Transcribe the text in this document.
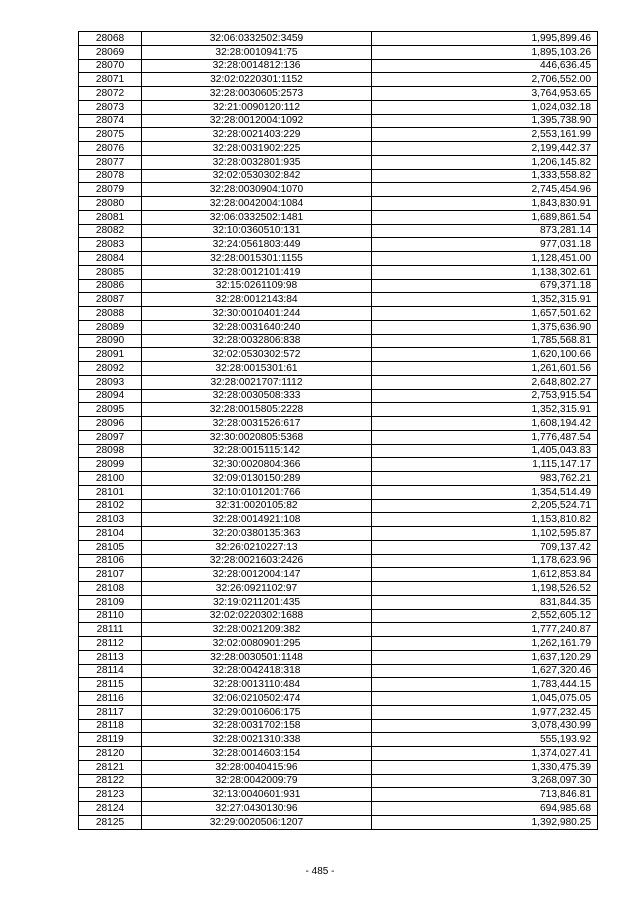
28068	32:06:0332502:3459	1,995,899.46
28069	32:28:0010941:75	1,895,103.26
28070	32:28:0014812:136	446,636.45
28071	32:02:0220301:1152	2,706,552.00
28072	32:28:0030605:2573	3,764,953.65
28073	32:21:0090120:112	1,024,032.18
28074	32:28:0012004:1092	1,395,738.90
28075	32:28:0021403:229	2,553,161.99
28076	32:28:0031902:225	2,199,442.37
28077	32:28:0032801:935	1,206,145.82
28078	32:02:0530302:842	1,333,558.82
28079	32:28:0030904:1070	2,745,454.96
28080	32:28:0042004:1084	1,843,830.91
28081	32:06:0332502:1481	1,689,861.54
28082	32:10:0360510:131	873,281.14
28083	32:24:0561803:449	977,031.18
28084	32:28:0015301:1155	1,128,451.00
28085	32:28:0012101:419	1,138,302.61
28086	32:15:0261109:98	679,371.18
28087	32:28:0012143:84	1,352,315.91
28088	32:30:0010401:244	1,657,501.62
28089	32:28:0031640:240	1,375,636.90
28090	32:28:0032806:838	1,785,568.81
28091	32:02:0530302:572	1,620,100.66
28092	32:28:0015301:61	1,261,601.56
28093	32:28:0021707:1112	2,648,802.27
28094	32:28:0030508:333	2,753,915.54
28095	32:28:0015805:2228	1,352,315.91
28096	32:28:0031526:617	1,608,194.42
28097	32:30:0020805:5368	1,776,487.54
28098	32:28:0015115:142	1,405,043.83
28099	32:30:0020804:366	1,115,147.17
28100	32:09:0130150:289	983,762.21
28101	32:10:0101201:766	1,354,514.49
28102	32:31:0020105:82	2,205,524.71
28103	32:28:0014921:108	1,153,810.82
28104	32:20:0380135:363	1,102,595.87
28105	32:26:0210227:13	709,137.42
28106	32:28:0021603:2426	1,178,623.96
28107	32:28:0012004:147	1,612,853.84
28108	32:26:0921102:97	1,198,526.52
28109	32:19:0211201:435	831,844.35
28110	32:02:0220302:1688	2,552,605.12
28111	32:28:0021209:382	1,777,240.87
28112	32:02:0080901:295	1,262,161.79
28113	32:28:0030501:1148	1,637,120.29
28114	32:28:0042418:318	1,627,320.46
28115	32:28:0013110:484	1,783,444.15
28116	32:06:0210502:474	1,045,075.05
28117	32:29:0010606:175	1,977,232.45
28118	32:28:0031702:158	3,078,430.99
28119	32:28:0021310:338	555,193.92
28120	32:28:0014603:154	1,374,027.41
28121	32:28:0040415:96	1,330,475.39
28122	32:28:0042009:79	3,268,097.30
28123	32:13:0040601:931	713,846.81
28124	32:27:0430130:96	694,985.68
28125	32:29:0020506:1207	1,392,980.25
- 485 -
